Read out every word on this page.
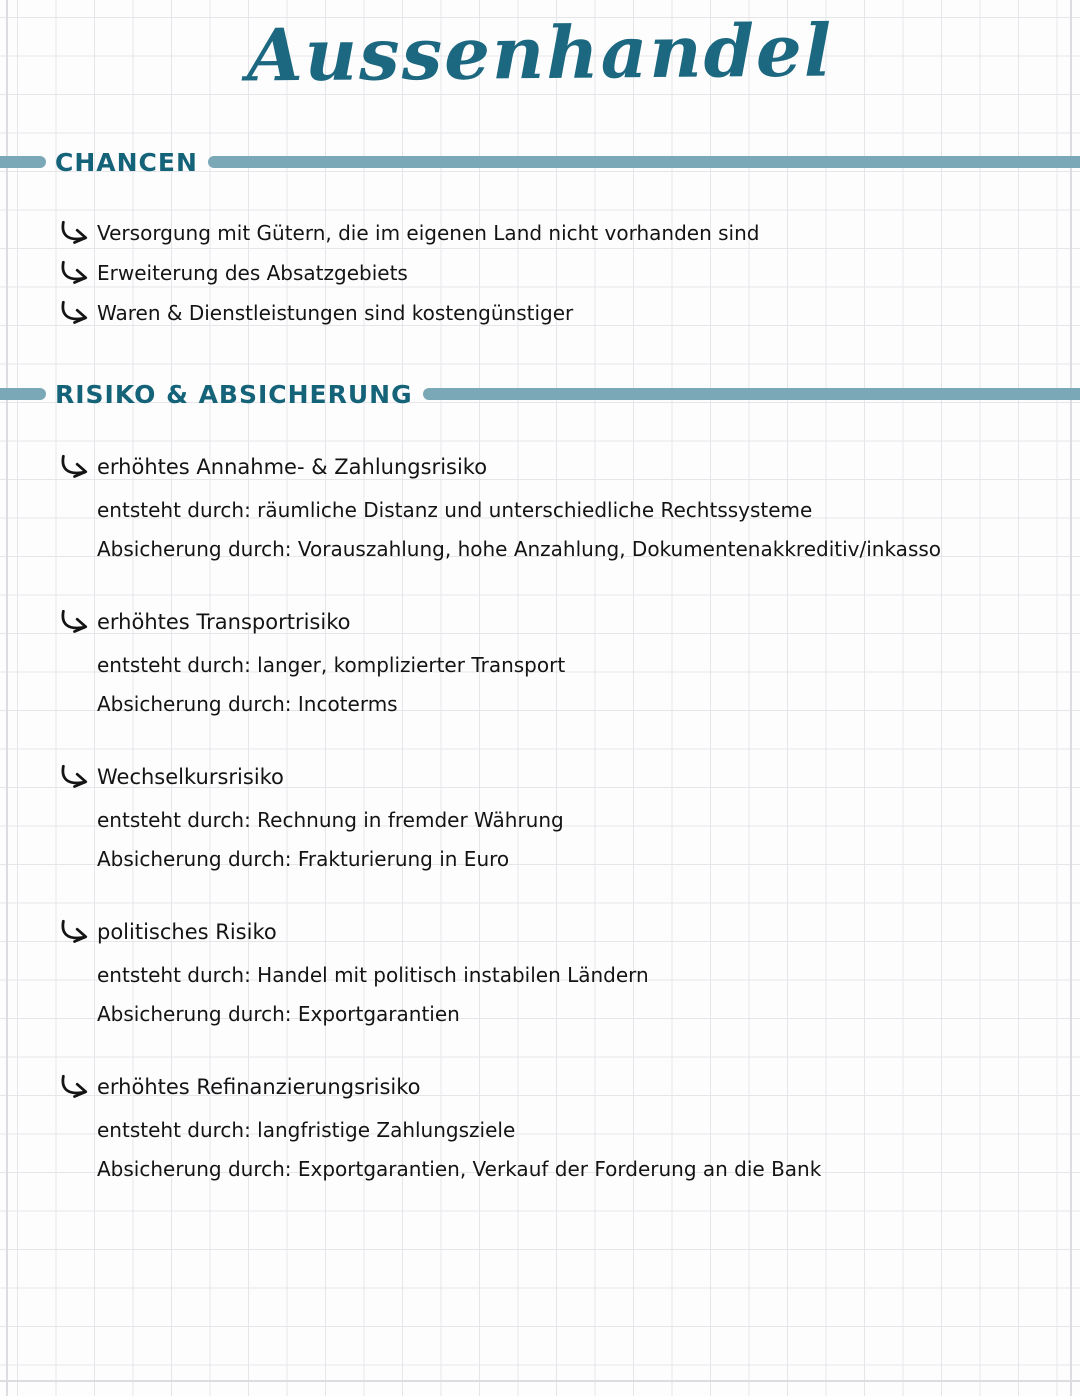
Aussenhandel
CHANCEN
Versorgung mit Gütern, die im eigenen Land nicht vorhanden sind
Erweiterung des Absatzgebiets
Waren & Dienstleistungen sind kostengünstiger
RISIKO & ABSICHERUNG
erhöhtes Annahme- & Zahlungsrisiko
entsteht durch: räumliche Distanz und unterschiedliche Rechtssysteme
Absicherung durch: Vorauszahlung, hohe Anzahlung, Dokumentenakkreditiv/inkasso
erhöhtes Transportrisiko
entsteht durch: langer, komplizierter Transport
Absicherung durch: Incoterms
Wechselkursrisiko
entsteht durch: Rechnung in fremder Währung
Absicherung durch: Frakturierung in Euro
politisches Risiko
entsteht durch: Handel mit politisch instabilen Ländern
Absicherung durch: Exportgarantien
erhöhtes Refinanzierungsrisiko
entsteht durch: langfristige Zahlungsziele
Absicherung durch: Exportgarantien, Verkauf der Forderung an die Bank
